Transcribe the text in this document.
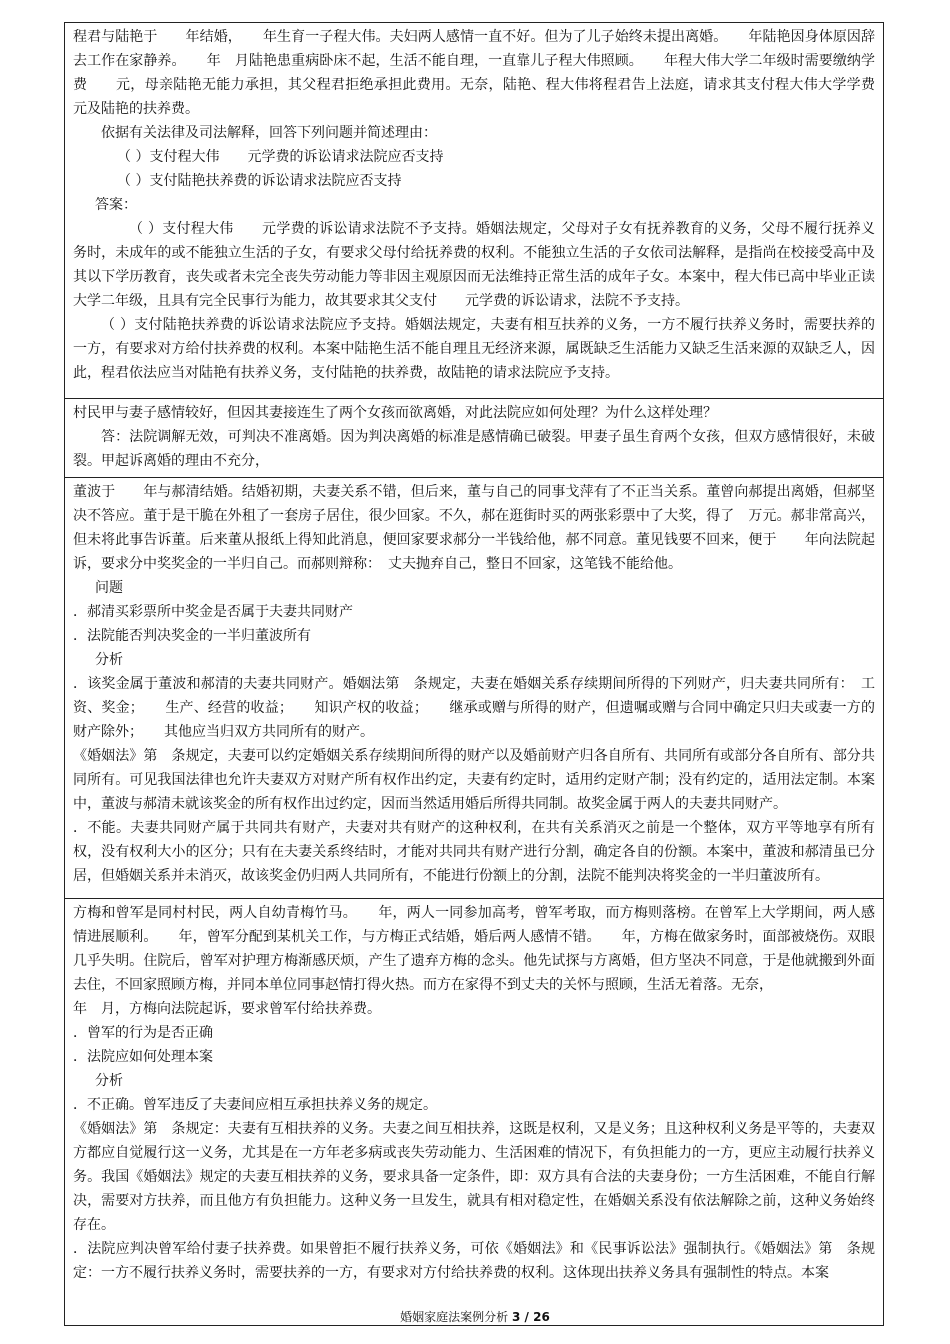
程君与陆艳于　　年结婚，　　年生育一子程大伟。夫妇两人感情一直不好。但为了儿子始终未提出离婚。　　年陆艳因身体原因辞去工作在家静养。　　年　月陆艳患重病卧床不起，生活不能自理，一直靠儿子程大伟照顾。　　年程大伟大学二年级时需要缴纳学费　　元，母亲陆艳无能力承担，其父程君拒绝承担此费用。无奈，陆艳、程大伟将程君告上法庭，请求其支付程大伟大学学费　　元及陆艳的扶养费。

依据有关法律及司法解释，回答下列问题并简述理由：

（ ）支付程大伟　　元学费的诉讼请求法院应否支持

（ ）支付陆艳扶养费的诉讼请求法院应否支持

答案：

（ ）支付程大伟　　元学费的诉讼请求法院不予支持。婚姻法规定，父母对子女有抚养教育的义务，父母不履行抚养义务时，未成年的或不能独立生活的子女，有要求父母付给抚养费的权利。不能独立生活的子女依司法解释，是指尚在校接受高中及其以下学历教育，丧失或者未完全丧失劳动能力等非因主观原因而无法维持正常生活的成年子女。本案中，程大伟已高中毕业正读大学二年级，且具有完全民事行为能力，故其要求其父支付　　元学费的诉讼请求，法院不予支持。

（ ）支付陆艳扶养费的诉讼请求法院应予支持。婚姻法规定，夫妻有相互扶养的义务，一方不履行扶养义务时，需要扶养的一方，有要求对方给付扶养费的权利。本案中陆艳生活不能自理且无经济来源，属既缺乏生活能力又缺乏生活来源的双缺乏人，因此，程君依法应当对陆艳有扶养义务，支付陆艳的扶养费，故陆艳的请求法院应予支持。

村民甲与妻子感情较好，但因其妻接连生了两个女孩而欲离婚，对此法院应如何处理？为什么这样处理？

答：法院调解无效，可判决不准离婚。因为判决离婚的标准是感情确已破裂。甲妻子虽生育两个女孩，但双方感情很好，未破裂。甲起诉离婚的理由不充分，

董波于　　年与郝清结婚。结婚初期，夫妻关系不错，但后来，董与自己的同事戈萍有了不正当关系。董曾向郝提出离婚，但郝坚决不答应。董于是干脆在外租了一套房子居住，很少回家。不久，郝在逛街时买的两张彩票中了大奖，得了　万元。郝非常高兴，但未将此事告诉董。后来董从报纸上得知此消息，便回家要求郝分一半钱给他，郝不同意。董见钱要不回来，便于　　年向法院起诉，要求分中奖奖金的一半归自己。而郝则辩称：　丈夫抛弃自己，整日不回家，这笔钱不能给他。

问题

．郝清买彩票所中奖金是否属于夫妻共同财产

．法院能否判决奖金的一半归董波所有

分析

．该奖金属于董波和郝清的夫妻共同财产。婚姻法第　条规定，夫妻在婚姻关系存续期间所得的下列财产，归夫妻共同所有：　工资、奖金；　　生产、经营的收益；　　知识产权的收益；　　继承或赠与所得的财产，但遗嘱或赠与合同中确定只归夫或妻一方的财产除外；　　其他应当归双方共同所有的财产。

《婚姻法》第　条规定，夫妻可以约定婚姻关系存续期间所得的财产以及婚前财产归各自所有、共同所有或部分各自所有、部分共同所有。可见我国法律也允许夫妻双方对财产所有权作出约定，夫妻有约定时，适用约定财产制；没有约定的，适用法定制。本案中，董波与郝清未就该奖金的所有权作出过约定，因而当然适用婚后所得共同制。故奖金属于两人的夫妻共同财产。

．不能。夫妻共同财产属于共同共有财产，夫妻对共有财产的这种权利，在共有关系消灭之前是一个整体，双方平等地享有所有权，没有权利大小的区分；只有在夫妻关系终结时，才能对共同共有财产进行分割，确定各自的份额。本案中，董波和郝清虽已分居，但婚姻关系并未消灭，故该奖金仍归两人共同所有，不能进行份额上的分割，法院不能判决将奖金的一半归董波所有。

方梅和曾军是同村村民，两人自幼青梅竹马。　　年，两人一同参加高考，曾军考取，而方梅则落榜。在曾军上大学期间，两人感情进展顺利。　　年，曾军分配到某机关工作，与方梅正式结婚，婚后两人感情不错。　　年，方梅在做家务时，面部被烧伤。双眼几乎失明。住院后，曾军对护理方梅渐感厌烦，产生了遗弃方梅的念头。他先试探与方离婚，但方坚决不同意，于是他就搬到外面去住，不回家照顾方梅，并同本单位同事赵情打得火热。而方在家得不到丈夫的关怀与照顾，生活无着落。无奈，

年　月，方梅向法院起诉，要求曾军付给扶养费。

．曾军的行为是否正确

．法院应如何处理本案

分析

．不正确。曾军违反了夫妻间应相互承担扶养义务的规定。

《婚姻法》第　条规定：夫妻有互相扶养的义务。夫妻之间互相扶养，这既是权利，又是义务；且这种权利义务是平等的，夫妻双方都应自觉履行这一义务，尤其是在一方年老多病或丧失劳动能力、生活困难的情况下，有负担能力的一方，更应主动履行扶养义务。我国《婚姻法》规定的夫妻互相扶养的义务，要求具备一定条件，即：双方具有合法的夫妻身份；一方生活困难，不能自行解决，需要对方扶养，而且他方有负担能力。这种义务一旦发生，就具有相对稳定性，在婚姻关系没有依法解除之前，这种义务始终存在。

．法院应判决曾军给付妻子扶养费。如果曾拒不履行扶养义务，可依《婚姻法》和《民事诉讼法》强制执行。《婚姻法》第　条规定：一方不履行扶养义务时，需要扶养的一方，有要求对方付给扶养费的权利。这体现出扶养义务具有强制性的特点。本案

婚姻家庭法案例分析 3 / 26
